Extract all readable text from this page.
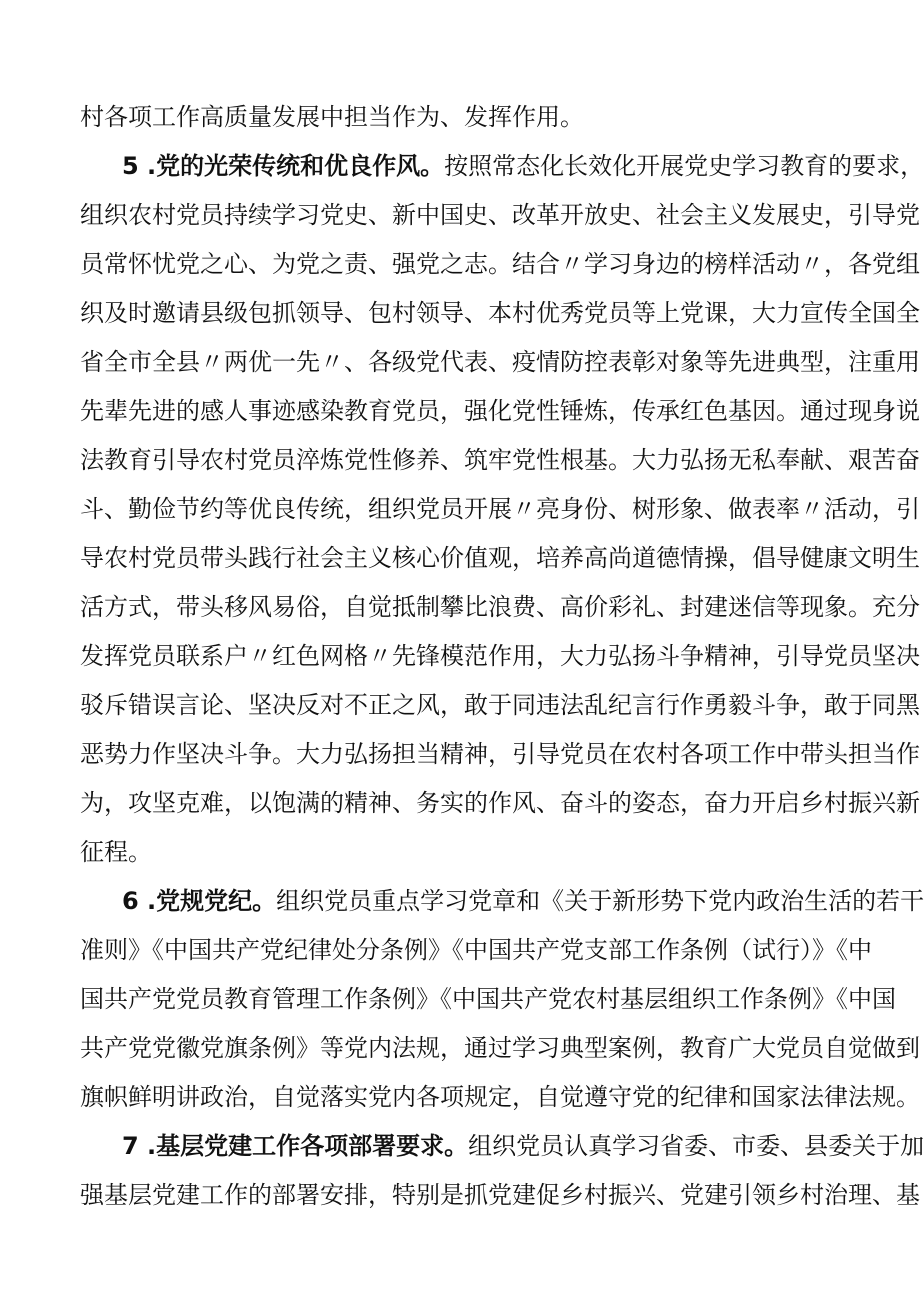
村各项工作高质量发展中担当作为、发挥作用。
5 .党的光荣传统和优良作风。按照常态化长效化开展党史学习教育的要求，
组织农村党员持续学习党史、新中国史、改革开放史、社会主义发展史，引导党
员常怀忧党之心、为党之责、强党之志。结合〃学习身边的榜样活动〃，各党组
织及时邀请县级包抓领导、包村领导、本村优秀党员等上党课，大力宣传全国全
省全市全县〃两优一先〃、各级党代表、疫情防控表彰对象等先进典型，注重用
先辈先进的感人事迹感染教育党员，强化党性锤炼，传承红色基因。通过现身说
法教育引导农村党员淬炼党性修养、筑牢党性根基。大力弘扬无私奉献、艰苦奋
斗、勤俭节约等优良传统，组织党员开展〃亮身份、树形象、做表率〃活动，引
导农村党员带头践行社会主义核心价值观，培养高尚道德情操，倡导健康文明生
活方式，带头移风易俗，自觉抵制攀比浪费、高价彩礼、封建迷信等现象。充分
发挥党员联系户〃红色网格〃先锋模范作用，大力弘扬斗争精神，引导党员坚决
驳斥错误言论、坚决反对不正之风，敢于同违法乱纪言行作勇毅斗争，敢于同黑
恶势力作坚决斗争。大力弘扬担当精神，引导党员在农村各项工作中带头担当作
为，攻坚克难，以饱满的精神、务实的作风、奋斗的姿态，奋力开启乡村振兴新
征程。
6 .党规党纪。组织党员重点学习党章和《关于新形势下党内政治生活的若干
准则》《中国共产党纪律处分条例》《中国共产党支部工作条例（试行）》《中
国共产党党员教育管理工作条例》《中国共产党农村基层组织工作条例》《中国
共产党党徽党旗条例》等党内法规，通过学习典型案例，教育广大党员自觉做到
旗帜鲜明讲政治，自觉落实党内各项规定，自觉遵守党的纪律和国家法律法规。
7 .基层党建工作各项部署要求。组织党员认真学习省委、市委、县委关于加
强基层党建工作的部署安排，特别是抓党建促乡村振兴、党建引领乡村治理、基
